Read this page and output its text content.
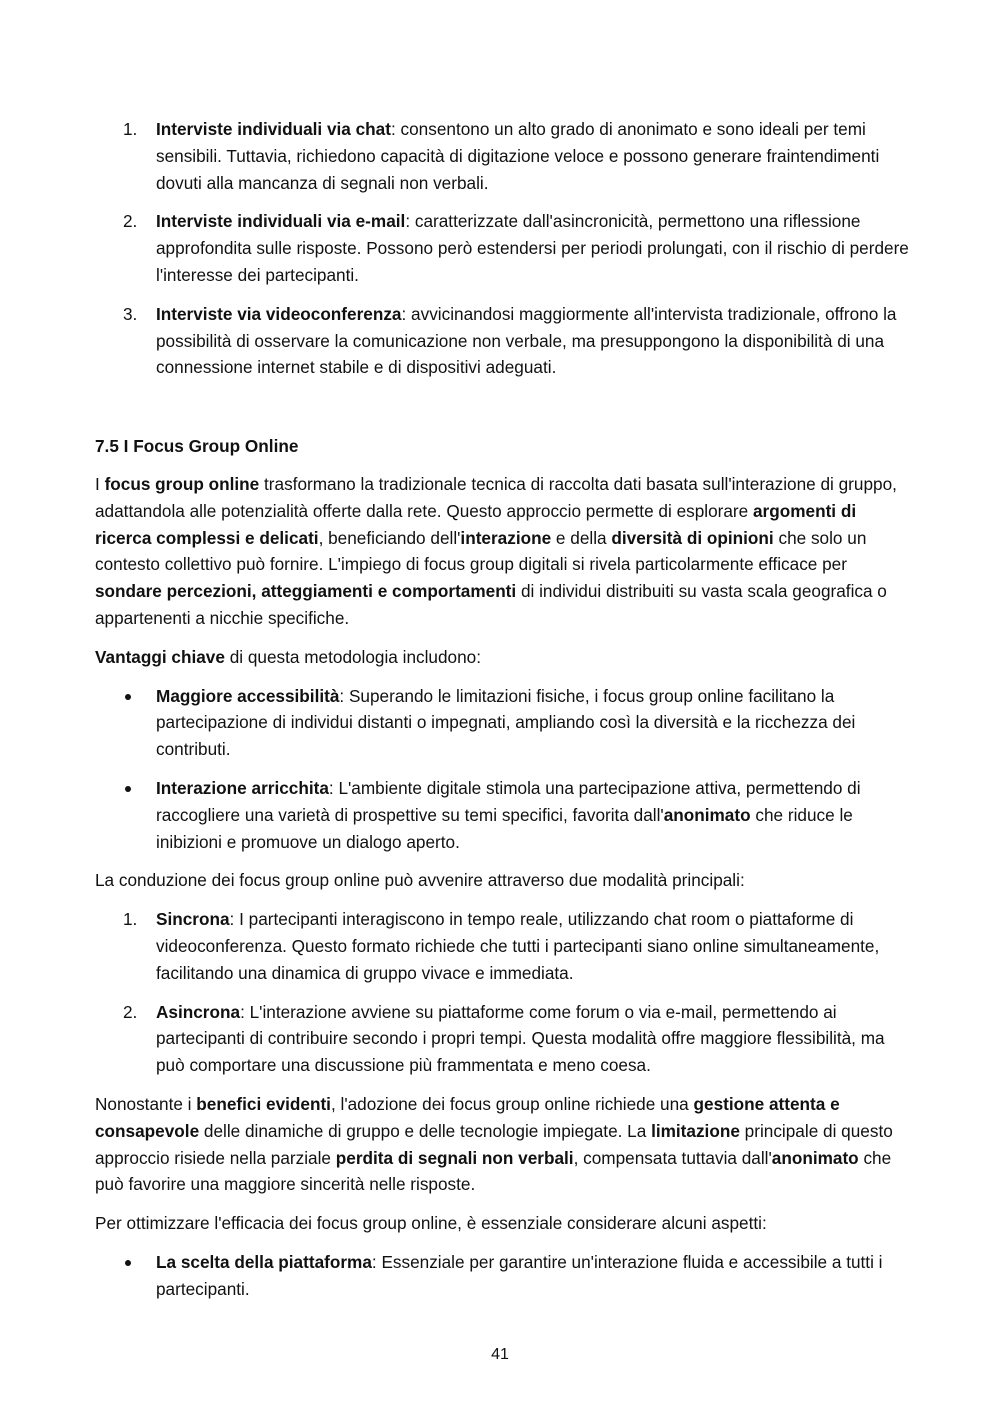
1.	Interviste individuali via chat: consentono un alto grado di anonimato e sono ideali per temi sensibili. Tuttavia, richiedono capacità di digitazione veloce e possono generare fraintendimenti dovuti alla mancanza di segnali non verbali.
2.	Interviste individuali via e-mail: caratterizzate dall'asincronicità, permettono una riflessione approfondita sulle risposte. Possono però estendersi per periodi prolungati, con il rischio di perdere l'interesse dei partecipanti.
3.	Interviste via videoconferenza: avvicinandosi maggiormente all'intervista tradizionale, offrono la possibilità di osservare la comunicazione non verbale, ma presuppongono la disponibilità di una connessione internet stabile e di dispositivi adeguati.
7.5 I Focus Group Online

I focus group online trasformano la tradizionale tecnica di raccolta dati basata sull'interazione di gruppo, adattandola alle potenzialità offerte dalla rete. Questo approccio permette di esplorare argomenti di ricerca complessi e delicati, beneficiando dell'interazione e della diversità di opinioni che solo un contesto collettivo può fornire. L'impiego di focus group digitali si rivela particolarmente efficace per sondare percezioni, atteggiamenti e comportamenti di individui distribuiti su vasta scala geografica o appartenenti a nicchie specifiche.

Vantaggi chiave di questa metodologia includono:

Maggiore accessibilità: Superando le limitazioni fisiche, i focus group online facilitano la partecipazione di individui distanti o impegnati, ampliando così la diversità e la ricchezza dei contributi.
Interazione arricchita: L'ambiente digitale stimola una partecipazione attiva, permettendo di raccogliere una varietà di prospettive su temi specifici, favorita dall'anonimato che riduce le inibizioni e promuove un dialogo aperto.

La conduzione dei focus group online può avvenire attraverso due modalità principali:

1.	Sincrona: I partecipanti interagiscono in tempo reale, utilizzando chat room o piattaforme di videoconferenza. Questo formato richiede che tutti i partecipanti siano online simultaneamente, facilitando una dinamica di gruppo vivace e immediata.
2.	Asincrona: L'interazione avviene su piattaforme come forum o via e-mail, permettendo ai partecipanti di contribuire secondo i propri tempi. Questa modalità offre maggiore flessibilità, ma può comportare una discussione più frammentata e meno coesa.

Nonostante i benefici evidenti, l'adozione dei focus group online richiede una gestione attenta e consapevole delle dinamiche di gruppo e delle tecnologie impiegate. La limitazione principale di questo approccio risiede nella parziale perdita di segnali non verbali, compensata tuttavia dall'anonimato che può favorire una maggiore sincerità nelle risposte.

Per ottimizzare l'efficacia dei focus group online, è essenziale considerare alcuni aspetti:

La scelta della piattaforma: Essenziale per garantire un'interazione fluida e accessibile a tutti i partecipanti.
41
